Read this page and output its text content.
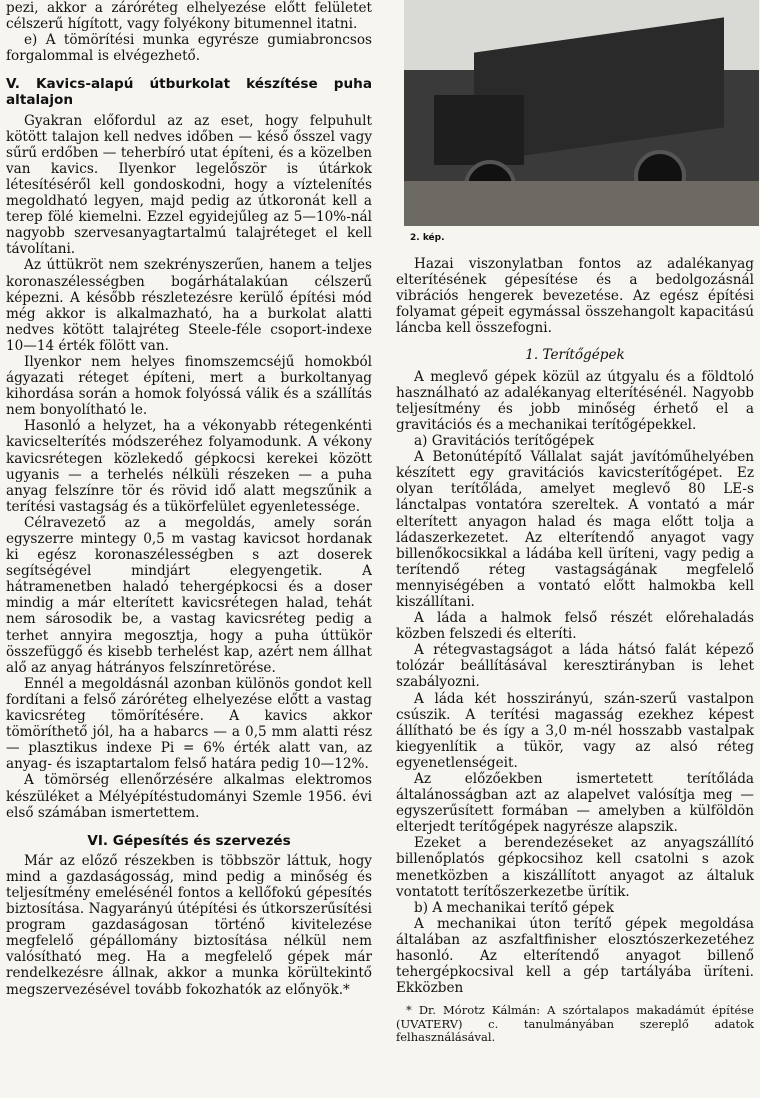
pezi, akkor a záróréteg elhelyezése előtt felületet célszerű hígított, vagy folyékony bitumennel itatni.

e) A tömörítési munka egyrésze gumiabroncsos forgalommal is elvégezhető.

V. Kavics-alapú útburkolat készítése puha altalajon

Gyakran előfordul az az eset, hogy felpuhult kötött talajon kell nedves időben — késő ősszel vagy sűrű erdőben — teherbíró utat építeni, és a közelben van kavics. Ilyenkor legelőször is útárkok létesítéséről kell gondoskodni, hogy a víztelenítés megoldható legyen, majd pedig az útkoronát kell a terep fölé kiemelni. Ezzel egyidejűleg az 5—10%-nál nagyobb szervesanyagtartalmú talajréteget el kell távolítani.

Az úttükröt nem szekrényszerűen, hanem a teljes koronaszélességben bogárhátalakúan célszerű képezni. A később részletezésre kerülő építési mód még akkor is alkalmazható, ha a burkolat alatti nedves kötött talajréteg Steele-féle csoport-indexe 10—14 érték fölött van.

Ilyenkor nem helyes finomszemcséjű homokból ágyazati réteget építeni, mert a burkoltanyag kihordása során a homok folyóssá válik és a szállítás nem bonyolítható le.

Hasonló a helyzet, ha a vékonyabb rétegenkénti kavicselterítés módszeréhez folyamodunk. A vékony kavicsrétegen közlekedő gépkocsi kerekei között ugyanis — a terhelés nélküli részeken — a puha anyag felszínre tör és rövid idő alatt megszűnik a terítési vastagság és a tükörfelület egyenletessége.

Célravezető az a megoldás, amely során egyszerre mintegy 0,5 m vastag kavicsot hordanak ki egész koronaszélességben s azt doserek segítségével mindjárt elegyengetik. A hátramenetben haladó tehergépkocsi és a doser mindig a már elterített kavicsrétegen halad, tehát nem sárosodik be, a vastag kavicsréteg pedig a terhet annyira megosztja, hogy a puha úttükör összefüggő és kisebb terhelést kap, azért nem állhat alő az anyag hátrányos felszínretörése.

Ennél a megoldásnál azonban különös gondot kell fordítani a felső záróréteg elhelyezése előtt a vastag kavicsréteg tömörítésére. A kavics akkor tömöríthető jól, ha a habarcs — a 0,5 mm alatti rész — plasztikus indexe Pi = 6% érték alatt van, az anyag- és iszaptartalom felső határa pedig 10—12%.

A tömörség ellenőrzésére alkalmas elektromos készüléket a Mélyépítéstudományi Szemle 1956. évi első számában ismertettem.

VI. Gépesítés és szervezés

Már az előző részekben is többször láttuk, hogy mind a gazdaságosság, mind pedig a minőség és teljesítmény emelésénél fontos a kellőfokú gépesítés biztosítása. Nagyarányú útépítési és útkorszerűsítési program gazdaságosan történő kivitelezése megfelelő gépállomány biztosítása nélkül nem valósítható meg. Ha a megfelelő gépek már rendelkezésre állnak, akkor a munka körültekintő megszervezésével tovább fokozhatók az előnyök.*

2. kép.

Hazai viszonylatban fontos az adalékanyag elterítésének gépesítése és a bedolgozásnál vibrációs hengerek bevezetése. Az egész építési folyamat gépeit egymással összehangolt kapacitású láncba kell összefogni.

1. Terítőgépek

A meglevő gépek közül az útgyalu és a földtoló használható az adalékanyag elterítésénél. Nagyobb teljesítmény és jobb minőség érhető el a gravitációs és a mechanikai terítőgépekkel.

a) Gravitációs terítőgépek

A Betonútépítő Vállalat saját javítóműhelyében készített egy gravitációs kavicsterítőgépet. Ez olyan terítőláda, amelyet meglevő 80 LE-s lánctalpas vontatóra szereltek. A vontató a már elterített anyagon halad és maga előtt tolja a ládaszerkezetet. Az elterítendő anyagot vagy billenőkocsikkal a ládába kell üríteni, vagy pedig a terítendő réteg vastagságának megfelelő mennyiségében a vontató előtt halmokba kell kiszállítani.

A láda a halmok felső részét előrehaladás közben felszedi és elteríti.

A rétegvastagságot a láda hátsó falát képező tolózár beállításával keresztirányban is lehet szabályozni.

A láda két hosszirányú, szán-szerű vastalpon csúszik. A terítési magasság ezekhez képest állítható be és így a 3,0 m-nél hosszabb vastalpak kiegyenlítik a tükör, vagy az alsó réteg egyenetlenségeit.

Az előzőekben ismertetett terítőláda általánosságban azt az alapelvet valósítja meg — egyszerűsített formában — amelyben a külföldön elterjedt terítőgépek nagyrésze alapszik.

Ezeket a berendezéseket az anyagszállító billenőplatós gépkocsihoz kell csatolni s azok menetközben a kiszállított anyagot az általuk vontatott terítőszerkezetbe ürítik.

b) A mechanikai terítő gépek

A mechanikai úton terítő gépek megoldása általában az aszfaltfinisher elosztószerkezetéhez hasonló. Az elterítendő anyagot billenő tehergépkocsival kell a gép tartályába üríteni. Ekközben

* Dr. Mórotz Kálmán: A szórtalapos makadámút építése (UVATERV) c. tanulmányában szereplő adatok felhasználásával.
